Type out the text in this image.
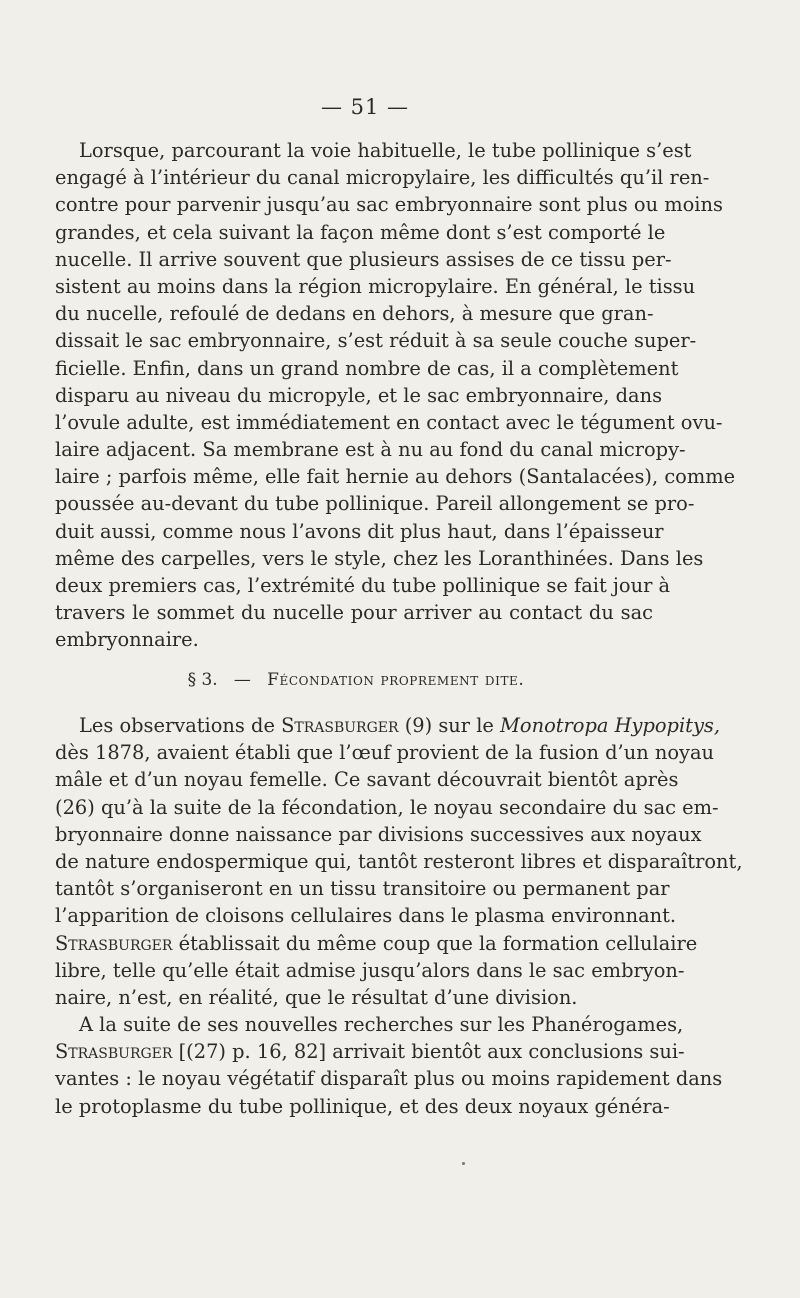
— 51 —
Lorsque, parcourant la voie habituelle, le tube pollinique s’est
engagé à l’intérieur du canal micropylaire, les difficultés qu’il ren-
contre pour parvenir jusqu’au sac embryonnaire sont plus ou moins
grandes, et cela suivant la façon même dont s’est comporté le
nucelle. Il arrive souvent que plusieurs assises de ce tissu per-
sistent au moins dans la région micropylaire. En général, le tissu
du nucelle, refoulé de dedans en dehors, à mesure que gran-
dissait le sac embryonnaire, s’est réduit à sa seule couche super-
ficielle. Enfin, dans un grand nombre de cas, il a complètement
disparu au niveau du micropyle, et le sac embryonnaire, dans
l’ovule adulte, est immédiatement en contact avec le tégument ovu-
laire adjacent. Sa membrane est à nu au fond du canal micropy-
laire ; parfois même, elle fait hernie au dehors (Santalacées), comme
poussée au-devant du tube pollinique. Pareil allongement se pro-
duit aussi, comme nous l’avons dit plus haut, dans l’épaisseur
même des carpelles, vers le style, chez les Loranthinées. Dans les
deux premiers cas, l’extrémité du tube pollinique se fait jour à
travers le sommet du nucelle pour arriver au contact du sac
embryonnaire.
§ 3. — Fécondation proprement dite.
Les observations de Strasburger (9) sur le Monotropa Hypopitys,
dès 1878, avaient établi que l’œuf provient de la fusion d’un noyau
mâle et d’un noyau femelle. Ce savant découvrait bientôt après
(26) qu’à la suite de la fécondation, le noyau secondaire du sac em-
bryonnaire donne naissance par divisions successives aux noyaux
de nature endospermique qui, tantôt resteront libres et disparaîtront,
tantôt s’organiseront en un tissu transitoire ou permanent par
l’apparition de cloisons cellulaires dans le plasma environnant.
Strasburger établissait du même coup que la formation cellulaire
libre, telle qu’elle était admise jusqu’alors dans le sac embryon-
naire, n’est, en réalité, que le résultat d’une division.
A la suite de ses nouvelles recherches sur les Phanérogames,
Strasburger [(27) p. 16, 82] arrivait bientôt aux conclusions sui-
vantes : le noyau végétatif disparaît plus ou moins rapidement dans
le protoplasme du tube pollinique, et des deux noyaux généra-
